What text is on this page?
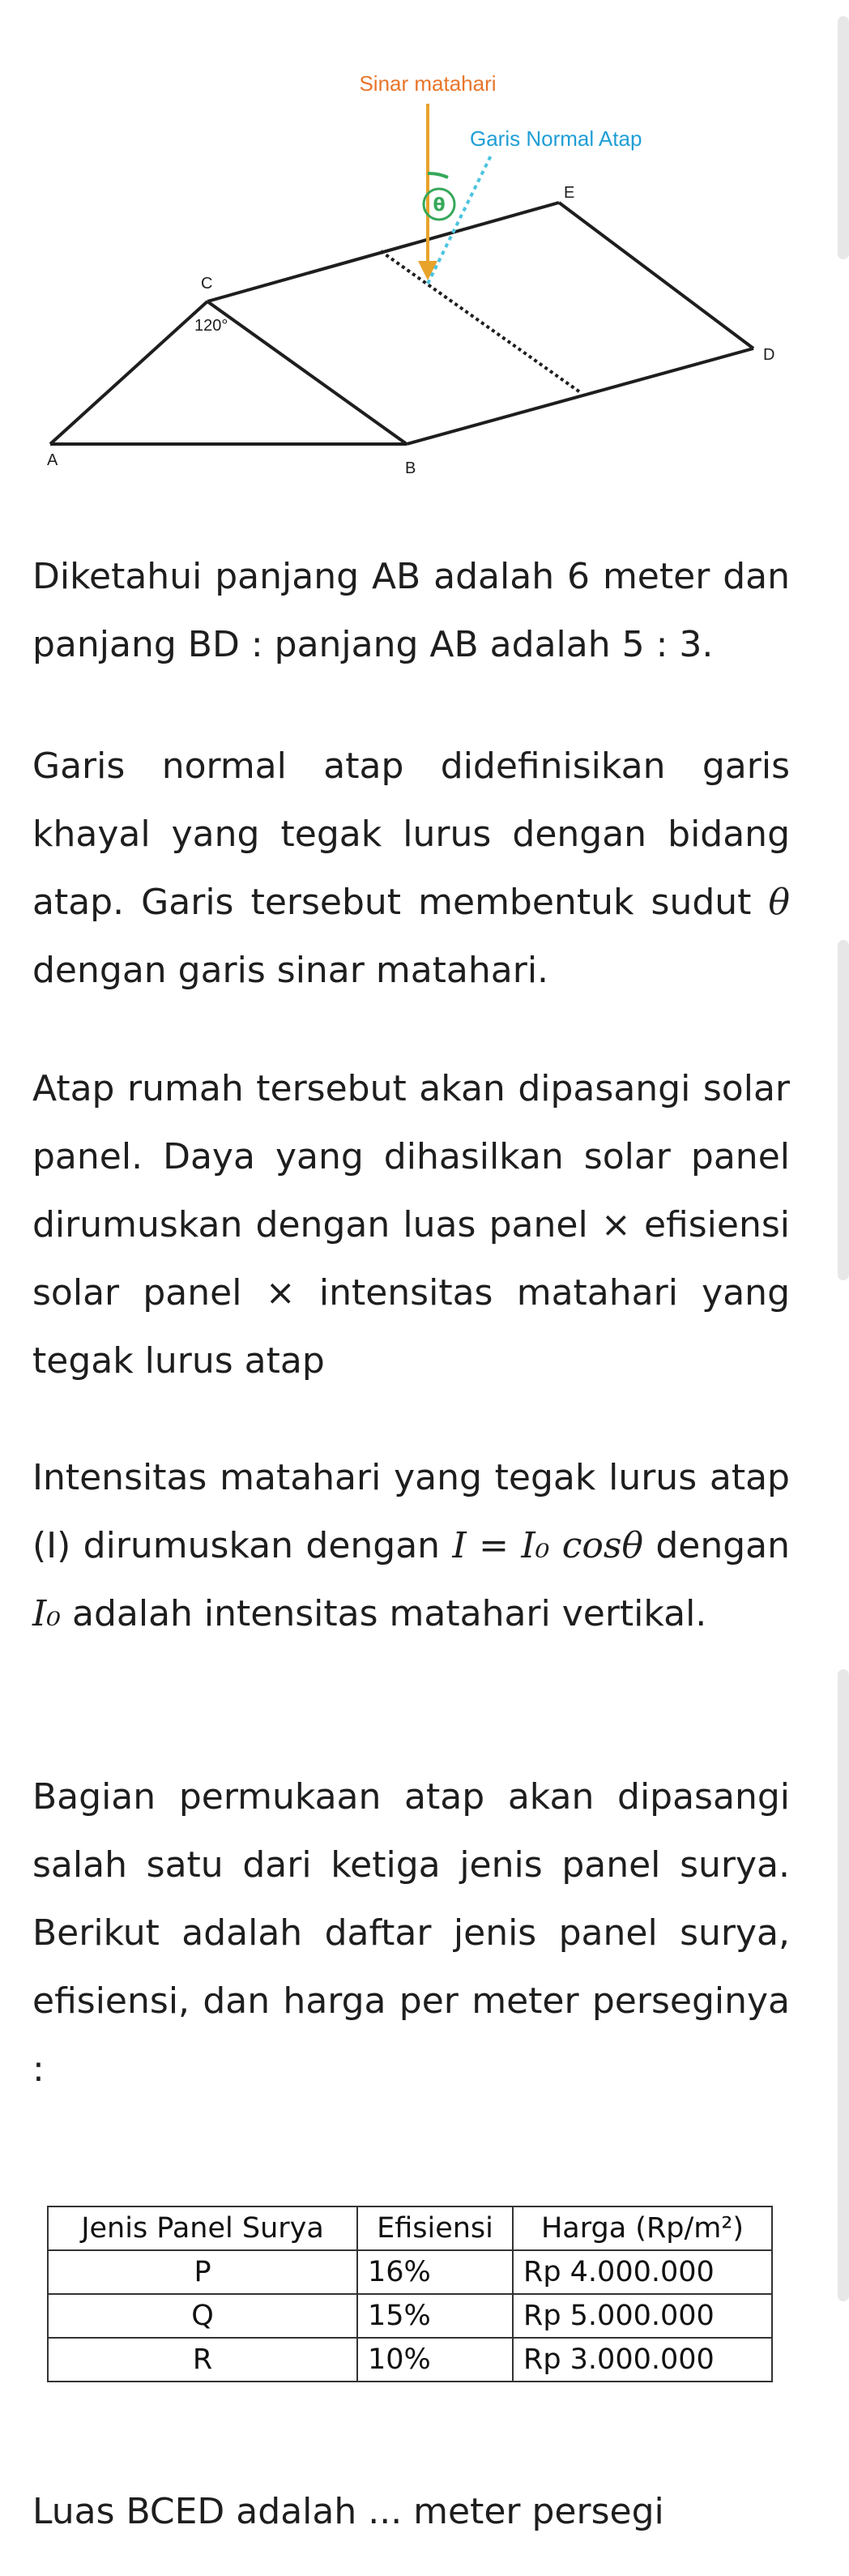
Sinar matahari
Garis Normal Atap
θ
A	B
C
D
E
120°

Diketahui panjang AB adalah 6 meter dan panjang BD : panjang AB adalah 5 : 3.

Garis normal atap didefinisikan garis khayal yang tegak lurus dengan bidang atap. Garis tersebut membentuk sudut θ dengan garis sinar matahari.

Atap rumah tersebut akan dipasangi solar panel. Daya yang dihasilkan solar panel dirumuskan dengan luas panel × efisiensi solar panel × intensitas matahari yang tegak lurus atap

Intensitas matahari yang tegak lurus atap (I) dirumuskan dengan I = I₀ cosθ dengan I₀ adalah intensitas matahari vertikal.

Bagian permukaan atap akan dipasangi salah satu dari ketiga jenis panel surya. Berikut adalah daftar jenis panel surya, efisiensi, dan harga per meter perseginya :

Jenis Panel Surya	Efisiensi	Harga (Rp/m²)
P	16%	Rp 4.000.000
Q	15%	Rp 5.000.000
R	10%	Rp 3.000.000

Luas BCED adalah ... meter persegi
